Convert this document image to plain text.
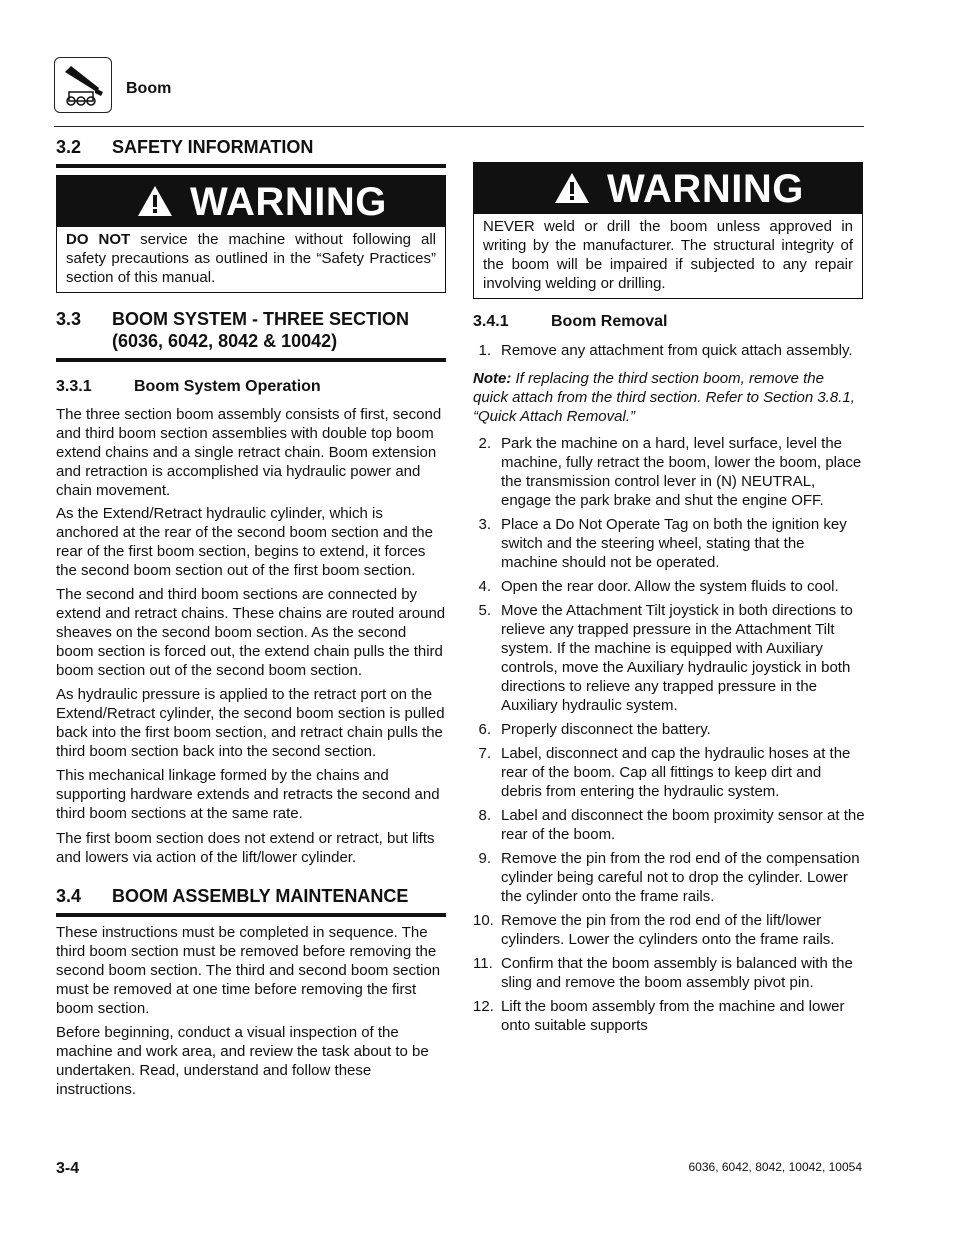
Boom
3.2 SAFETY INFORMATION
WARNING
DO NOT service the machine without following all safety precautions as outlined in the “Safety Practices” section of this manual.
3.3 BOOM SYSTEM - THREE SECTION (6036, 6042, 8042 & 10042)
3.3.1	Boom System Operation

The three section boom assembly consists of first, second and third boom section assemblies with double top boom extend chains and a single retract chain. Boom extension and retraction is accomplished via hydraulic power and chain movement.

As the Extend/Retract hydraulic cylinder, which is anchored at the rear of the second boom section and the rear of the first boom section, begins to extend, it forces the second boom section out of the first boom section.

The second and third boom sections are connected by extend and retract chains. These chains are routed around sheaves on the second boom section. As the second boom section is forced out, the extend chain pulls the third boom section out of the second boom section.

As hydraulic pressure is applied to the retract port on the Extend/Retract cylinder, the second boom section is pulled back into the first boom section, and retract chain pulls the third boom section back into the second section.

This mechanical linkage formed by the chains and supporting hardware extends and retracts the second and third boom sections at the same rate.

The first boom section does not extend or retract, but lifts and lowers via action of the lift/lower cylinder.

3.4 BOOM ASSEMBLY MAINTENANCE

These instructions must be completed in sequence. The third boom section must be removed before removing the second boom section. The third and second boom section must be removed at one time before removing the first boom section.

Before beginning, conduct a visual inspection of the machine and work area, and review the task about to be undertaken. Read, understand and follow these instructions.

WARNING
NEVER weld or drill the boom unless approved in writing by the manufacturer. The structural integrity of the boom will be impaired if subjected to any repair involving welding or drilling.
3.4.1	Boom Removal
1. Remove any attachment from quick attach assembly.
Note: If replacing the third section boom, remove the quick attach from the third section. Refer to Section 3.8.1, “Quick Attach Removal.”
2. Park the machine on a hard, level surface, level the machine, fully retract the boom, lower the boom, place the transmission control lever in (N) NEUTRAL, engage the park brake and shut the engine OFF.
3. Place a Do Not Operate Tag on both the ignition key switch and the steering wheel, stating that the machine should not be operated.
4. Open the rear door. Allow the system fluids to cool.
5. Move the Attachment Tilt joystick in both directions to relieve any trapped pressure in the Attachment Tilt system. If the machine is equipped with Auxiliary controls, move the Auxiliary hydraulic joystick in both directions to relieve any trapped pressure in the Auxiliary hydraulic system.
6. Properly disconnect the battery.
7. Label, disconnect and cap the hydraulic hoses at the rear of the boom. Cap all fittings to keep dirt and debris from entering the hydraulic system.
8. Label and disconnect the boom proximity sensor at the rear of the boom.
9. Remove the pin from the rod end of the compensation cylinder being careful not to drop the cylinder. Lower the cylinder onto the frame rails.
10. Remove the pin from the rod end of the lift/lower cylinders. Lower the cylinders onto the frame rails.
11. Confirm that the boom assembly is balanced with the sling and remove the boom assembly pivot pin.
12. Lift the boom assembly from the machine and lower onto suitable supports
3-4	6036, 6042, 8042, 10042, 10054
